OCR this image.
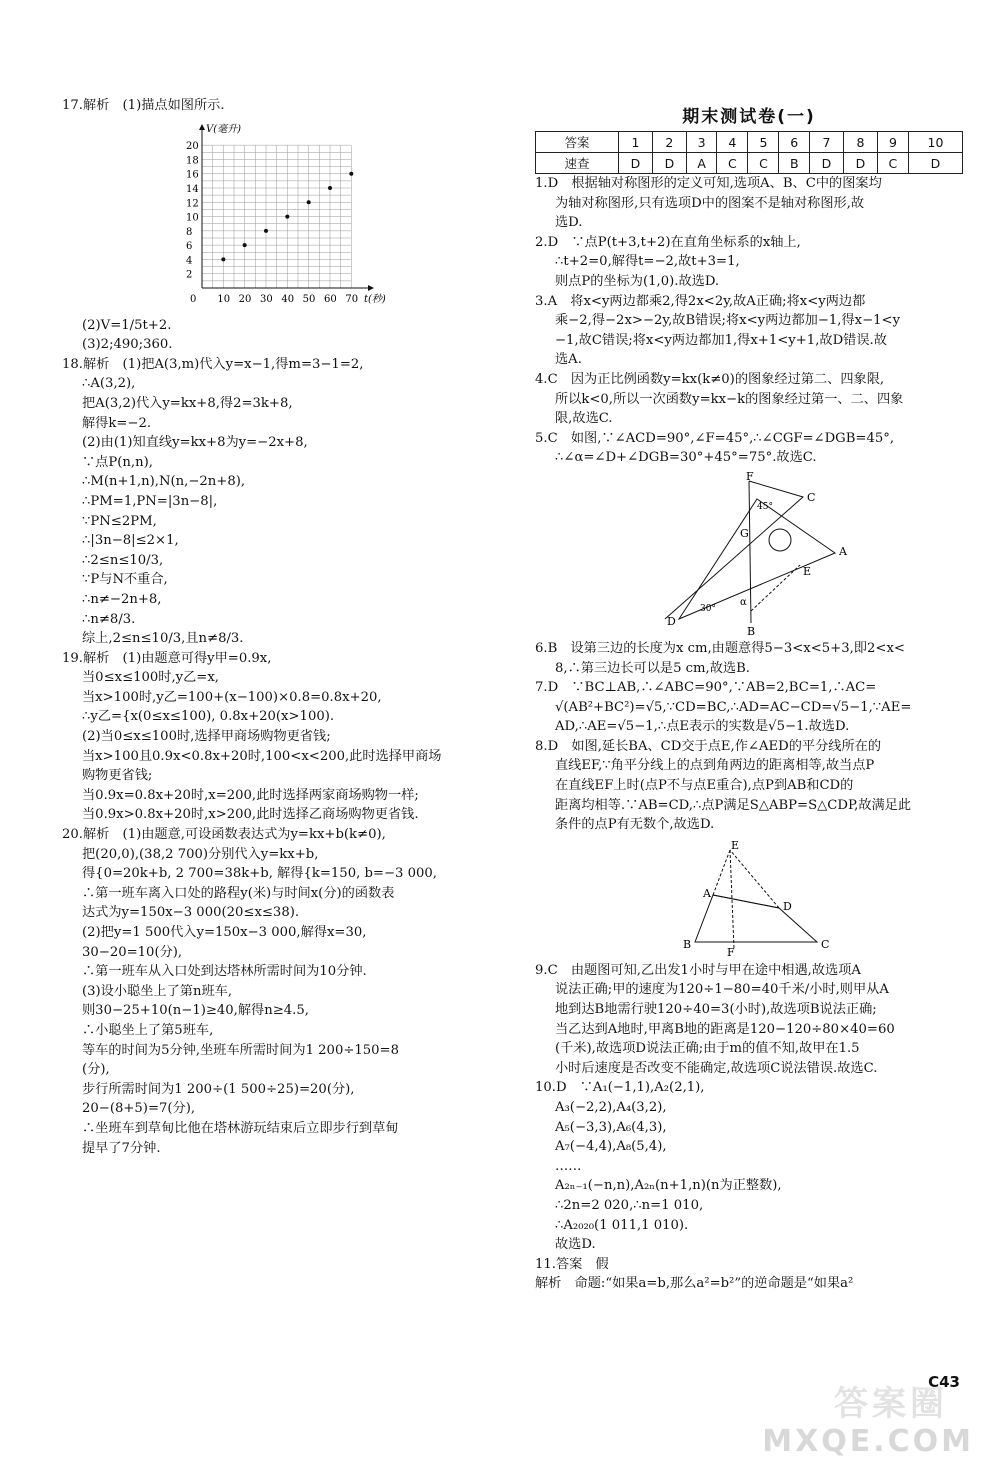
17.解析　(1)描点如图所示.
0 10 20 30 40 50 60 70
2
4
6
8
10
12
14
16
18
20
t(秒)
V(毫升)
(2)V=1/5t+2.
(3)2;490;360.
18.解析　(1)把A(3,m)代入y=x−1,得m=3−1=2,
∴A(3,2),
把A(3,2)代入y=kx+8,得2=3k+8,
解得k=−2.
(2)由(1)知直线y=kx+8为y=−2x+8,
∵点P(n,n),
∴M(n+1,n),N(n,−2n+8),
∴PM=1,PN=|3n−8|,
∵PN≤2PM,
∴|3n−8|≤2×1,
∴2≤n≤10/3,
∵P与N不重合,
∴n≠−2n+8,
∴n≠8/3.
综上,2≤n≤10/3,且n≠8/3.
19.解析　(1)由题意可得y甲=0.9x,
当0≤x≤100时,y乙=x,
当x>100时,y乙=100+(x−100)×0.8=0.8x+20,
∴y乙={x(0≤x≤100), 0.8x+20(x>100).
(2)当0≤x≤100时,选择甲商场购物更省钱;
当x>100且0.9x<0.8x+20时,100<x<200,此时选择甲商场
购物更省钱;
当0.9x=0.8x+20时,x=200,此时选择两家商场购物一样;
当0.9x>0.8x+20时,x>200,此时选择乙商场购物更省钱.
20.解析　(1)由题意,可设函数表达式为y=kx+b(k≠0),
把(20,0),(38,2 700)分别代入y=kx+b,
得{0=20k+b, 2 700=38k+b, 解得{k=150, b=−3 000,
∴第一班车离入口处的路程y(米)与时间x(分)的函数表
达式为y=150x−3 000(20≤x≤38).
(2)把y=1 500代入y=150x−3 000,解得x=30,
30−20=10(分),
∴第一班车从入口处到达塔林所需时间为10分钟.
(3)设小聪坐上了第n班车,
则30−25+10(n−1)≥40,解得n≥4.5,
∴小聪坐上了第5班车,
等车的时间为5分钟,坐班车所需时间为1 200÷150=8
(分),
步行所需时间为1 200÷(1 500÷25)=20(分),
20−(8+5)=7(分),
∴坐班车到草甸比他在塔林游玩结束后立即步行到草甸
提早了7分钟.
期末测试卷(一)
答案	1	2	3	4	5	6	7	8	9	10
速查	D	D	A	C	C	B	D	D	C	D
1.D　根据轴对称图形的定义可知,选项A、B、C中的图案均
为轴对称图形,只有选项D中的图案不是轴对称图形,故
选D.
2.D　∵点P(t+3,t+2)在直角坐标系的x轴上,
∴t+2=0,解得t=−2,故t+3=1,
则点P的坐标为(1,0).故选D.
3.A　将x<y两边都乘2,得2x<2y,故A正确;将x<y两边都
乘−2,得−2x>−2y,故B错误;将x<y两边都加−1,得x−1<y
−1,故C错误;将x<y两边都加1,得x+1<y+1,故D错误.故
选A.
4.C　因为正比例函数y=kx(k≠0)的图象经过第二、四象限,
所以k<0,所以一次函数y=kx−k的图象经过第一、二、四象
限,故选C.
5.C　如图,∵∠ACD=90°,∠F=45°,∴∠CGF=∠DGB=45°,
∴∠α=∠D+∠DGB=30°+45°=75°.故选C.
F
C
G
A
E
D
B
α
45°
30°
6.B　设第三边的长度为x cm,由题意得5−3<x<5+3,即2<x<
8,∴第三边长可以是5 cm,故选B.
7.D　∵BC⊥AB,∴∠ABC=90°,∵AB=2,BC=1,∴AC=
√(AB²+BC²)=√5,∵CD=BC,∴AD=AC−CD=√5−1,∵AE=
AD,∴AE=√5−1,∴点E表示的实数是√5−1.故选D.
8.D　如图,延长BA、CD交于点E,作∠AED的平分线所在的
直线EF,∵角平分线上的点到角两边的距离相等,故当点P
在直线EF上时(点P不与点E重合),点P到AB和CD的
距离均相等.∵AB=CD,∴点P满足S△ABP=S△CDP,故满足此
条件的点P有无数个,故选D.
E
A
D
B
F
C
9.C　由题图可知,乙出发1小时与甲在途中相遇,故选项A
说法正确;甲的速度为120÷1−80=40千米/小时,则甲从A
地到达B地需行驶120÷40=3(小时),故选项B说法正确;
当乙达到A地时,甲离B地的距离是120−120÷80×40=60
(千米),故选项D说法正确;由于m的值不知,故甲在1.5
小时后速度是否改变不能确定,故选项C说法错误.故选C.
10.D　∵A₁(−1,1),A₂(2,1),
A₃(−2,2),A₄(3,2),
A₅(−3,3),A₆(4,3),
A₇(−4,4),A₈(5,4),
……
A₂ₙ₋₁(−n,n),A₂ₙ(n+1,n)(n为正整数),
∴2n=2 020,∴n=1 010,
∴A₂₀₂₀(1 011,1 010).
故选D.
11.答案　假
解析　命题:“如果a=b,那么a²=b²”的逆命题是“如果a²
答案圈
C43
MXQE.COM
